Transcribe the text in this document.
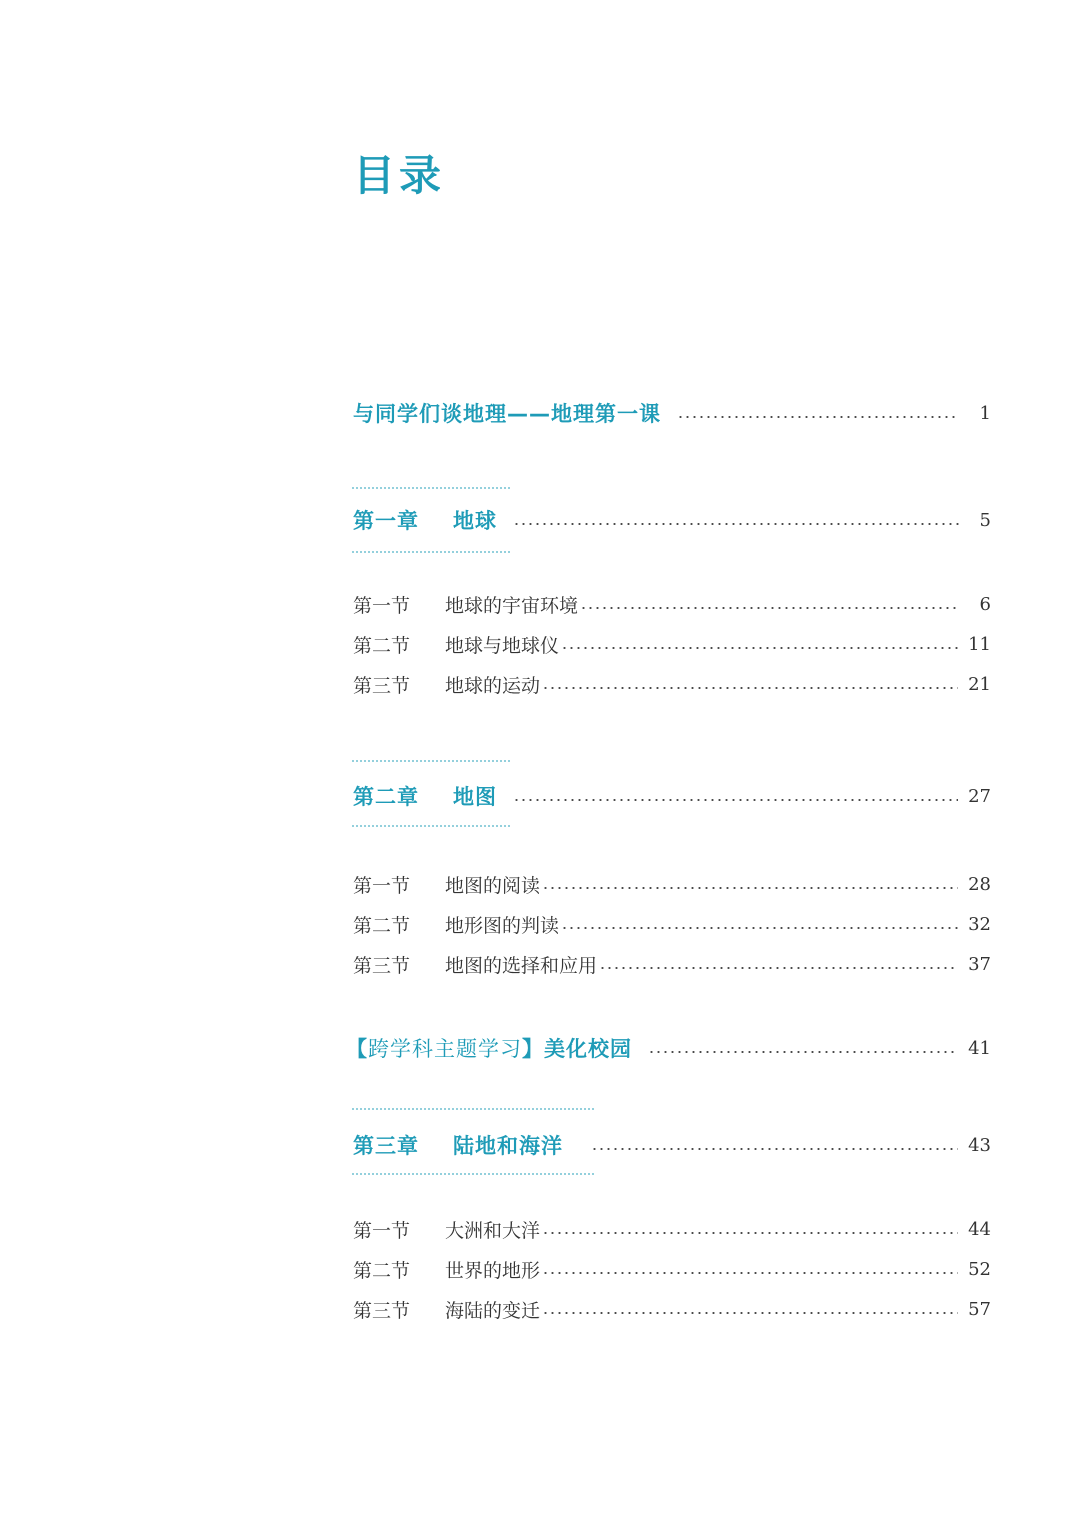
目录
与同学们谈地理——地理第一课	1
第一章 地球	5
第一节 地球的宇宙环境	6
第二节 地球与地球仪	11
第三节 地球的运动	21
第二章 地图	27
第一节 地图的阅读	28
第二节 地形图的判读	32
第三节 地图的选择和应用	37
【跨学科主题学习】美化校园	41
第三章 陆地和海洋	43
第一节 大洲和大洋	44
第二节 世界的地形	52
第三节 海陆的变迁	57
